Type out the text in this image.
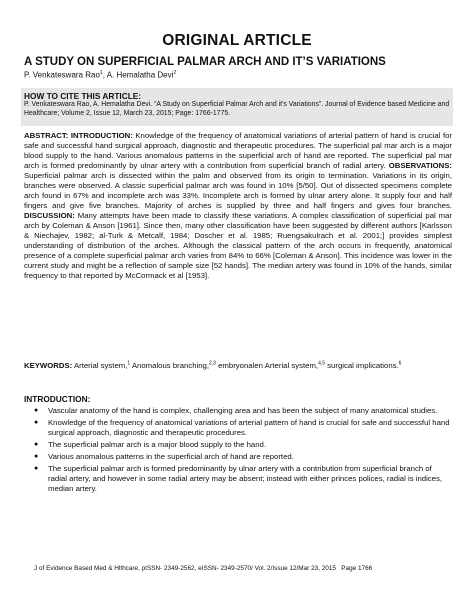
ORIGINAL ARTICLE
A STUDY ON SUPERFICIAL PALMAR ARCH AND IT’S VARIATIONS
P. Venkateswara Rao$^1$, A. Hemalatha Devi$^2$
HOW TO CITE THIS ARTICLE:
P. Venkateswara Rao, A. Hemalatha Devi. “A Study on Superficial Palmar Arch and it’s Variations”. Journal of Evidence based Medicine and Healthcare; Volume 2, Issue 12, March 23, 2015; Page: 1766-1775.
ABSTRACT: INTRODUCTION: Knowledge of the frequency of anatomical variations of arterial pattern of hand is crucial for safe and successful hand surgical approach, diagnostic and therapeutic procedures. The superficial pal mar arch is a major blood supply to the hand. Various anomalous patterns in the superficial arch of hand are reported. The superficial pal mar arch is formed predominantly by ulnar artery with a contribution from superficial branch of radial artery. OBSERVATIONS: Superficial palmar arch is dissected within the palm and observed from its origin to termination. Variations in its origin, branches were observed. A classic superficial palmar arch was found in 10% [5/50]. Out of dissected specimens complete arch found in 67% and incomplete arch was 33%. Incomplete arch is formed by ulnar artery alone. It supply four and half fingers and give five branches. Majority of arches is supplied by three and half fingers and gives four branches. DISCUSSION: Many attempts have been made to classify these variations. A complex classification of superficial pal mar arch by Coleman & Anson [1961]. Since then, many other classification have been suggested by different authors [Karlsson & Niechajev, 1982; al-Turk & Metcalf, 1984; Doscher et al. 1985; Ruengsakulrach et al. 2001;] provides simplest understanding of distribution of the arches. Although the classical pattern of the arch occurs in frequently, anatomical presence of a complete superficial palmar arch varies from 84% to 66% [Coleman & Anson]. This incidence was lower in the current study and might be a reflection of sample size [52 hands]. The median artery was found in 10% of the hands, similar frequency to that reported by McCormack et al [1953].
KEYWORDS: Arterial system,$^1$ Anomalous branching,$^{2,3}$ embryonalen Arterial system,$^{4,5}$ surgical implications.$^6$
INTRODUCTION:
● Vascular anatomy of the hand is complex, challenging area and has been the subject of many anatomical studies.
● Knowledge of the frequency of anatomical variations of arterial pattern of hand is crucial for safe and successful hand surgical approach, diagnostic and therapeutic procedures.
● The superficial palmar arch is a major blood supply to the hand.
● Various anomalous patterns in the superficial arch of hand are reported.
● The superficial palmar arch is formed predominantly by ulnar artery with a contribution from superficial branch of radial artery, and however in some radial artery may be absent; instead with either princes polices, radial is indices, median artery.
J of Evidence Based Med & Hlthcare, pISSN- 2349-2562, eISSN- 2349-2570/ Vol. 2/Issue 12/Mar 23, 2015 Page 1766
